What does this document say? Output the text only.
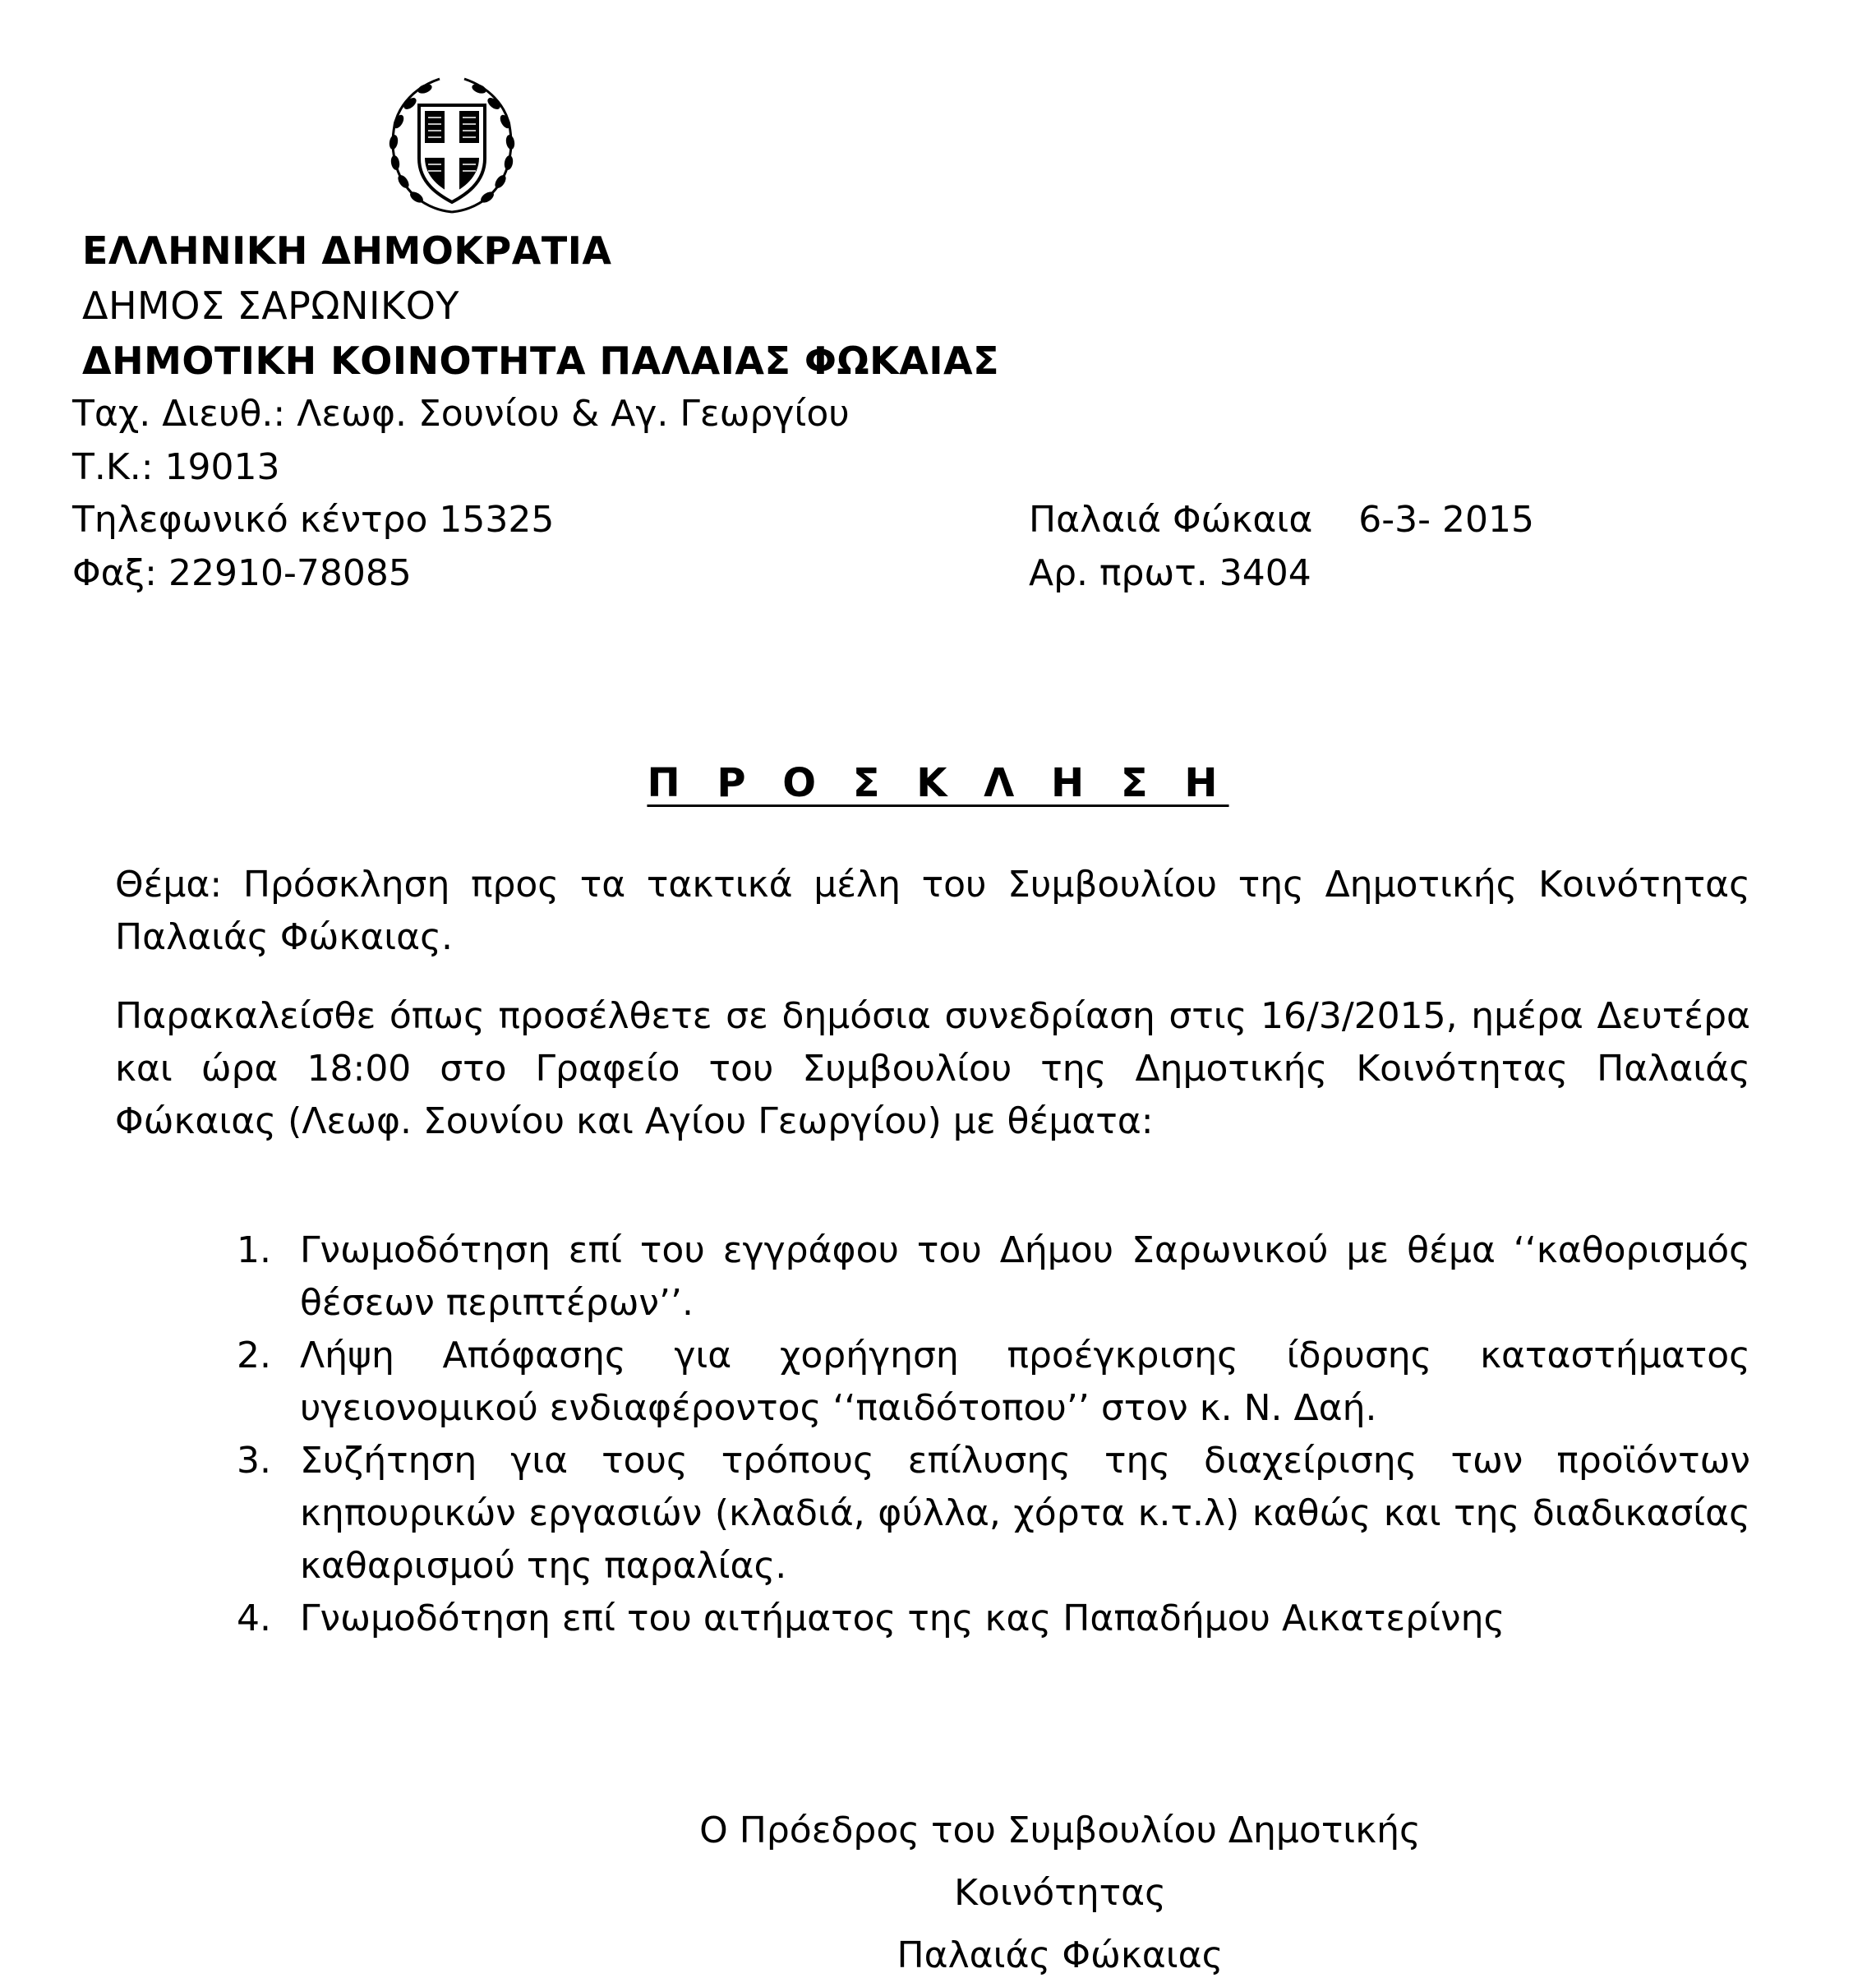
ΕΛΛΗΝΙΚΗ ΔΗΜΟΚΡΑΤΙΑ
ΔΗΜΟΣ ΣΑΡΩΝΙΚΟΥ
ΔΗΜΟΤΙΚΗ ΚΟΙΝΟΤΗΤΑ ΠΑΛΑΙΑΣ ΦΩΚΑΙΑΣ
Ταχ. Διευθ.: Λεωφ. Σουνίου & Αγ. Γεωργίου
Τ.Κ.: 19013
Τηλεφωνικό κέντρο 15325
Φαξ: 22910-78085
Παλαιά Φώκαια    6-3- 2015
Αρ. πρωτ. 3404
Π Ρ Ο Σ Κ Λ Η Σ Η
Θέμα: Πρόσκληση προς τα τακτικά μέλη του Συμβουλίου της Δημοτικής Κοινότητας Παλαιάς Φώκαιας.
Παρακαλείσθε όπως προσέλθετε σε δημόσια συνεδρίαση στις 16/3/2015, ημέρα Δευτέρα και ώρα 18:00 στο Γραφείο του Συμβουλίου της Δημοτικής Κοινότητας Παλαιάς Φώκαιας (Λεωφ. Σουνίου και Αγίου Γεωργίου) με θέματα:
1. Γνωμοδότηση επί του εγγράφου του Δήμου Σαρωνικού με θέμα ‘‘καθορισμός θέσεων περιπτέρων’’.
2. Λήψη Απόφασης για χορήγηση προέγκρισης ίδρυσης καταστήματος υγειονομικού ενδιαφέροντος ‘‘παιδότοπου’’ στον κ. Ν. Δαή.
3. Συζήτηση για τους τρόπους επίλυσης της διαχείρισης των προϊόντων κηπουρικών εργασιών (κλαδιά, φύλλα, χόρτα κ.τ.λ) καθώς και της διαδικασίας καθαρισμού της παραλίας.
4. Γνωμοδότηση επί του αιτήματος της κας Παπαδήμου Αικατερίνης
Ο Πρόεδρος του Συμβουλίου Δημοτικής Κοινότητας
Παλαιάς Φώκαιας
